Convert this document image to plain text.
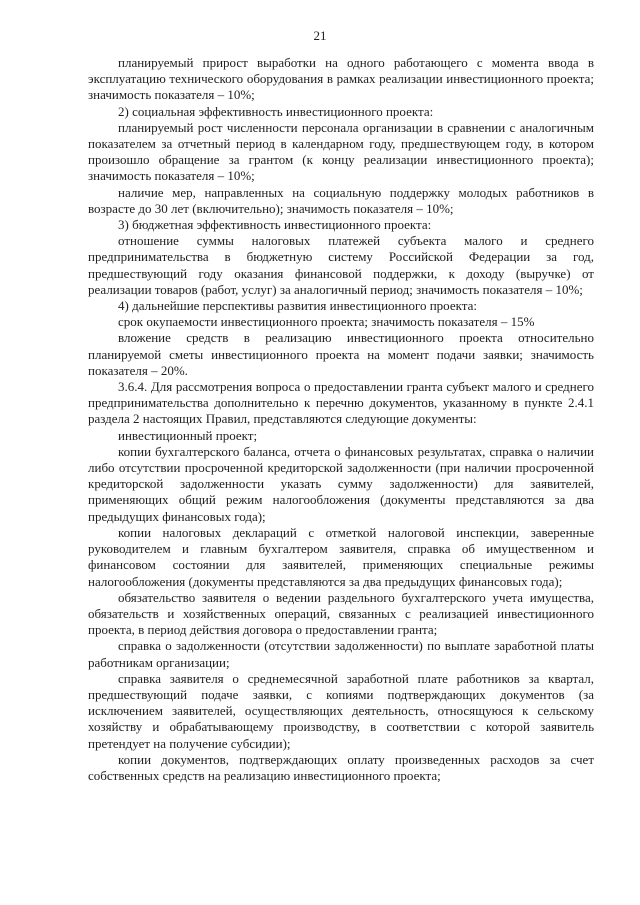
21

планируемый прирост выработки на одного работающего с момента ввода в эксплуатацию технического оборудования в рамках реализации инвестиционного проекта; значимость показателя – 10%;

2) социальная эффективность инвестиционного проекта:

планируемый рост численности персонала организации в сравнении с аналогичным показателем за отчетный период в календарном году, предшествующем году, в котором произошло обращение за грантом (к концу реализации инвестиционного проекта); значимость показателя – 10%;

наличие мер, направленных на социальную поддержку молодых работников в возрасте до 30 лет (включительно); значимость показателя – 10%;

3) бюджетная эффективность инвестиционного проекта:

отношение суммы налоговых платежей субъекта малого и среднего предпринимательства в бюджетную систему Российской Федерации за год, предшествующий году оказания финансовой поддержки, к доходу (выручке) от реализации товаров (работ, услуг) за аналогичный период; значимость показателя – 10%;

4) дальнейшие перспективы развития инвестиционного проекта:

срок окупаемости инвестиционного проекта; значимость показателя – 15%

вложение средств в реализацию инвестиционного проекта относительно планируемой сметы инвестиционного проекта на момент подачи заявки; значимость показателя – 20%.

3.6.4. Для рассмотрения вопроса о предоставлении гранта субъект малого и среднего предпринимательства дополнительно к перечню документов, указанному в пункте 2.4.1 раздела 2 настоящих Правил, представляются следующие документы:

инвестиционный проект;

копии бухгалтерского баланса, отчета о финансовых результатах, справка о наличии либо отсутствии просроченной кредиторской задолженности (при наличии просроченной кредиторской задолженности указать сумму задолженности) для заявителей, применяющих общий режим налогообложения (документы представляются за два предыдущих финансовых года);

копии налоговых деклараций с отметкой налоговой инспекции, заверенные руководителем и главным бухгалтером заявителя, справка об имущественном и финансовом состоянии для заявителей, применяющих специальные режимы налогообложения (документы представляются за два предыдущих финансовых года);

обязательство заявителя о ведении раздельного бухгалтерского учета имущества, обязательств и хозяйственных операций, связанных с реализацией инвестиционного проекта, в период действия договора о предоставлении гранта;

справка о задолженности (отсутствии задолженности) по выплате заработной платы работникам организации;

справка заявителя о среднемесячной заработной плате работников за квартал, предшествующий подаче заявки, с копиями подтверждающих документов (за исключением заявителей, осуществляющих деятельность, относящуюся к сельскому хозяйству и обрабатывающему производству, в соответствии с которой заявитель претендует на получение субсидии);

копии документов, подтверждающих оплату произведенных расходов за счет собственных средств на реализацию инвестиционного проекта;
